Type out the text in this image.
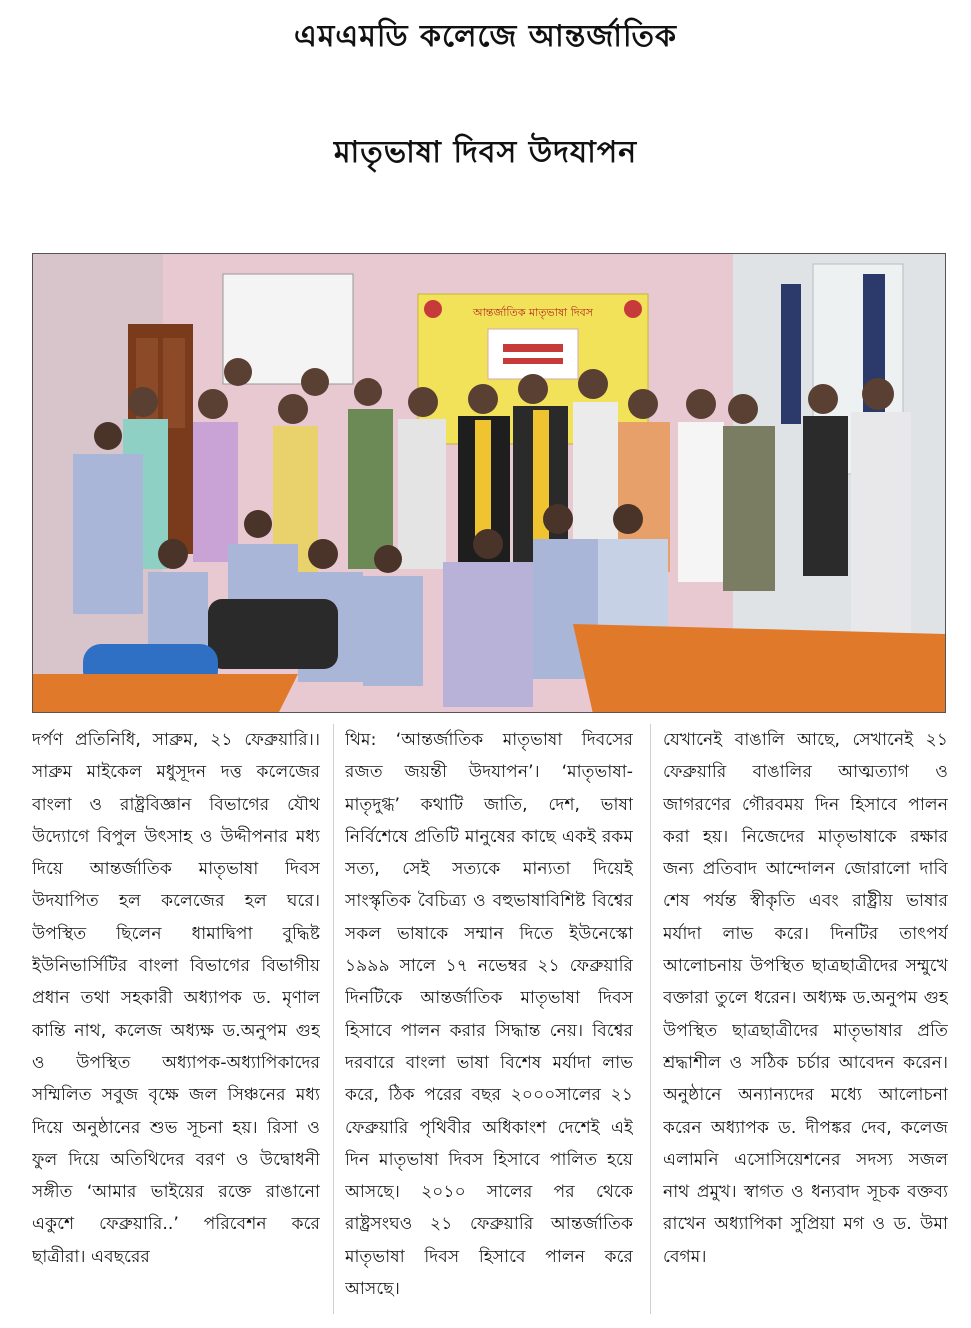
এমএমডি কলেজে আন্তর্জাতিক
মাতৃভাষা দিবস উদযাপন
আন্তর্জাতিক মাতৃভাষা দিবস
দর্পণ প্রতিনিধি, সাব্রুম, ২১ ফেব্রুয়ারি।। সাব্রুম মাইকেল মধুসূদন দত্ত কলেজের বাংলা ও রাষ্ট্রবিজ্ঞান বিভাগের যৌথ উদ্যোগে বিপুল উৎসাহ ও উদ্দীপনার মধ্য দিয়ে আন্তর্জাতিক মাতৃভাষা দিবস উদযাপিত হল কলেজের হল ঘরে। উপস্থিত ছিলেন ধামাদ্বিপা বুদ্ধিষ্ট ইউনিভার্সিটির বাংলা বিভাগের বিভাগীয় প্রধান তথা সহকারী অধ্যাপক ড. মৃণাল কান্তি নাথ, কলেজ অধ্যক্ষ ড.অনুপম গুহ ও উপস্থিত অধ্যাপক-অধ্যাপিকাদের সম্মিলিত সবুজ বৃক্ষে জল সিঞ্চনের মধ্য দিয়ে অনুষ্ঠানের শুভ সূচনা হয়। রিসা ও ফুল দিয়ে অতিথিদের বরণ ও উদ্বোধনী সঙ্গীত ‘আমার ভাইয়ের রক্তে রাঙানো একুশে ফেব্রুয়ারি..’ পরিবেশন করে ছাত্রীরা। এবছরের
থিম: ‘আন্তর্জাতিক মাতৃভাষা দিবসের রজত জয়ন্তী উদযাপন’। ‘মাতৃভাষা-মাতৃদুগ্ধ’ কথাটি জাতি, দেশ, ভাষা নির্বিশেষে প্রতিটি মানুষের কাছে একই রকম সত্য, সেই সত্যকে মান্যতা দিয়েই সাংস্কৃতিক বৈচিত্র্য ও বহুভাষাবিশিষ্ট বিশ্বের সকল ভাষাকে সম্মান দিতে ইউনেস্কো ১৯৯৯ সালে ১৭ নভেম্বর ২১ ফেব্রুয়ারি দিনটিকে আন্তর্জাতিক মাতৃভাষা দিবস হিসাবে পালন করার সিদ্ধান্ত নেয়। বিশ্বের দরবারে বাংলা ভাষা বিশেষ মর্যাদা লাভ করে, ঠিক পরের বছর ২০০০সালের ২১ ফেব্রুয়ারি পৃথিবীর অধিকাংশ দেশেই এই দিন মাতৃভাষা দিবস হিসাবে পালিত হয়ে আসছে। ২০১০ সালের পর থেকে রাষ্ট্রসংঘও ২১ ফেব্রুয়ারি আন্তর্জাতিক মাতৃভাষা দিবস হিসাবে পালন করে আসছে।
যেখানেই বাঙালি আছে, সেখানেই ২১ ফেব্রুয়ারি বাঙালির আত্মত্যাগ ও জাগরণের গৌরবময় দিন হিসাবে পালন করা হয়। নিজেদের মাতৃভাষাকে রক্ষার জন্য প্রতিবাদ আন্দোলন জোরালো দাবি শেষ পর্যন্ত স্বীকৃতি এবং রাষ্ট্রীয় ভাষার মর্যাদা লাভ করে। দিনটির তাৎপর্য আলোচনায় উপস্থিত ছাত্রছাত্রীদের সম্মুখে বক্তারা তুলে ধরেন। অধ্যক্ষ ড.অনুপম গুহ উপস্থিত ছাত্রছাত্রীদের মাতৃভাষার প্রতি শ্রদ্ধাশীল ও সঠিক চর্চার আবেদন করেন। অনুষ্ঠানে অন্যান্যদের মধ্যে আলোচনা করেন অধ্যাপক ড. দীপঙ্কর দেব, কলেজ এলামনি এসোসিয়েশনের সদস্য সজল নাথ প্রমুখ। স্বাগত ও ধন্যবাদ সূচক বক্তব্য রাখেন অধ্যাপিকা সুপ্রিয়া মগ ও ড. উমা বেগম।
